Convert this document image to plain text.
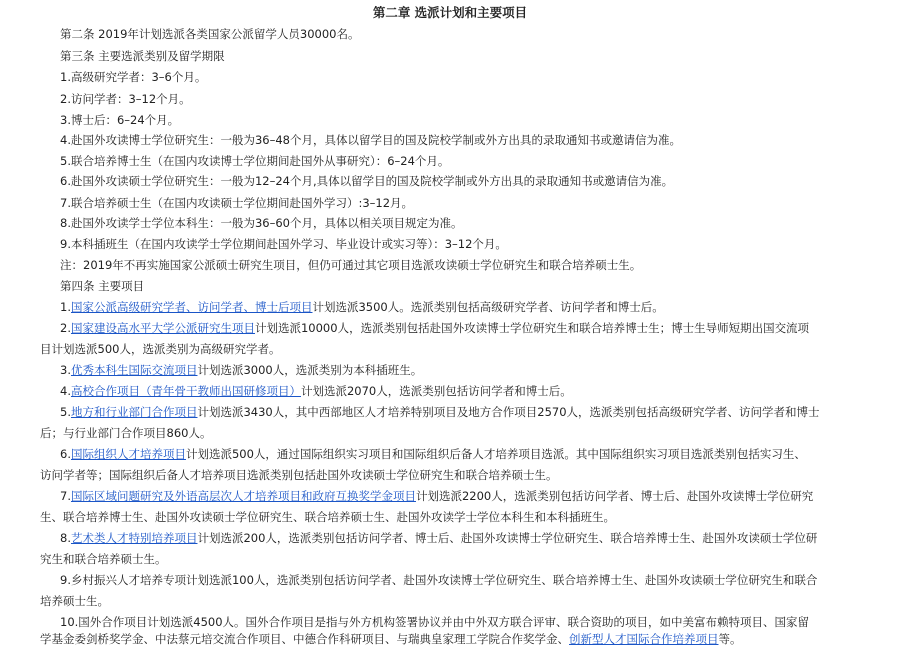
第二章 选派计划和主要项目
第二条 2019年计划选派各类国家公派留学人员30000名。
第三条 主要选派类别及留学期限
1.高级研究学者：3–6个月。
2.访问学者：3–12个月。
3.博士后：6–24个月。
4.赴国外攻读博士学位研究生：一般为36–48个月，具体以留学目的国及院校学制或外方出具的录取通知书或邀请信为准。
5.联合培养博士生（在国内攻读博士学位期间赴国外从事研究）：6–24个月。
6.赴国外攻读硕士学位研究生：一般为12–24个月,具体以留学目的国及院校学制或外方出具的录取通知书或邀请信为准。
7.联合培养硕士生（在国内攻读硕士学位期间赴国外学习）:3–12月。
8.赴国外攻读学士学位本科生：一般为36–60个月，具体以相关项目规定为准。
9.本科插班生（在国内攻读学士学位期间赴国外学习、毕业设计或实习等）：3–12个月。
注：2019年不再实施国家公派硕士研究生项目，但仍可通过其它项目选派攻读硕士学位研究生和联合培养硕士生。
第四条 主要项目
1.国家公派高级研究学者、访问学者、博士后项目计划选派3500人。选派类别包括高级研究学者、访问学者和博士后。
2.国家建设高水平大学公派研究生项目计划选派10000人，选派类别包括赴国外攻读博士学位研究生和联合培养博士生；博士生导师短期出国交流项
目计划选派500人，选派类别为高级研究学者。
3.优秀本科生国际交流项目计划选派3000人，选派类别为本科插班生。
4.高校合作项目（青年骨干教师出国研修项目）计划选派2070人，选派类别包括访问学者和博士后。
5.地方和行业部门合作项目计划选派3430人，其中西部地区人才培养特别项目及地方合作项目2570人，选派类别包括高级研究学者、访问学者和博士
后；与行业部门合作项目860人。
6.国际组织人才培养项目计划选派500人，通过国际组织实习项目和国际组织后备人才培养项目选派。其中国际组织实习项目选派类别包括实习生、
访问学者等；国际组织后备人才培养项目选派类别包括赴国外攻读硕士学位研究生和联合培养硕士生。
7.国际区域问题研究及外语高层次人才培养项目和政府互换奖学金项目计划选派2200人，选派类别包括访问学者、博士后、赴国外攻读博士学位研究
生、联合培养博士生、赴国外攻读硕士学位研究生、联合培养硕士生、赴国外攻读学士学位本科生和本科插班生。
8.艺术类人才特别培养项目计划选派200人，选派类别包括访问学者、博士后、赴国外攻读博士学位研究生、联合培养博士生、赴国外攻读硕士学位研
究生和联合培养硕士生。
9.乡村振兴人才培养专项计划选派100人，选派类别包括访问学者、赴国外攻读博士学位研究生、联合培养博士生、赴国外攻读硕士学位研究生和联合
培养硕士生。
10.国外合作项目计划选派4500人。国外合作项目是指与外方机构签署协议并由中外双方联合评审、联合资助的项目，如中美富布赖特项目、国家留
学基金委剑桥奖学金、中法蔡元培交流合作项目、中德合作科研项目、与瑞典皇家理工学院合作奖学金、创新型人才国际合作培养项目等。
